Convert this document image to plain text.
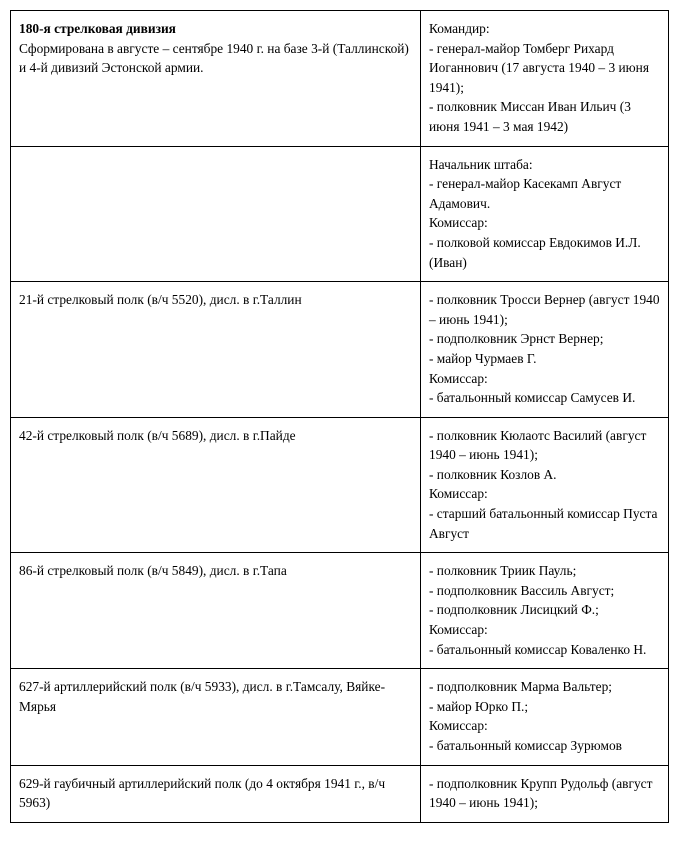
180-я стрелковая дивизия
Сформирована в августе – сентябре 1940 г. на базе 3-й (Таллинской) и 4-й дивизий Эстонской армии.	Командир:
- генерал-майор Томберг Рихард Иоганнович (17 августа 1940 – 3 июня 1941);
- полковник Миссан Иван Ильич (3 июня 1941 – 3 мая 1942)

	Начальник штаба:
- генерал-майор Касекамп Август Адамович.
Комиссар:
- полковой комиссар Евдокимов И.Л. (Иван)

21-й стрелковый полк (в/ч 5520), дисл. в г.Таллин	- полковник Тросси Вернер (август 1940 – июнь 1941);
- подполковник Эрнст Вернер;
- майор Чурмаев Г.
Комиссар:
- батальонный комиссар Самусев И.

42-й стрелковый полк (в/ч 5689), дисл. в г.Пайде	- полковник Кюлаотс Василий (август 1940 – июнь 1941);
- полковник Козлов А.
Комиссар:
- старший батальонный комиссар Пуста Август

86-й стрелковый полк (в/ч 5849), дисл. в г.Тапа	- полковник Триик Пауль;
- подполковник Вассиль Август;
- подполковник Лисицкий Ф.;
Комиссар:
- батальонный комиссар Коваленко Н.

627-й артиллерийский полк (в/ч 5933), дисл. в г.Тамсалу, Вяйке-Мярья	- подполковник Марма Вальтер;
- майор Юрко П.;
Комиссар:
- батальонный комиссар Зурюмов

629-й гаубичный артиллерийский полк (до 4 октября 1941 г., в/ч 5963)	- подполковник Крупп Рудольф (август 1940 – июнь 1941);
